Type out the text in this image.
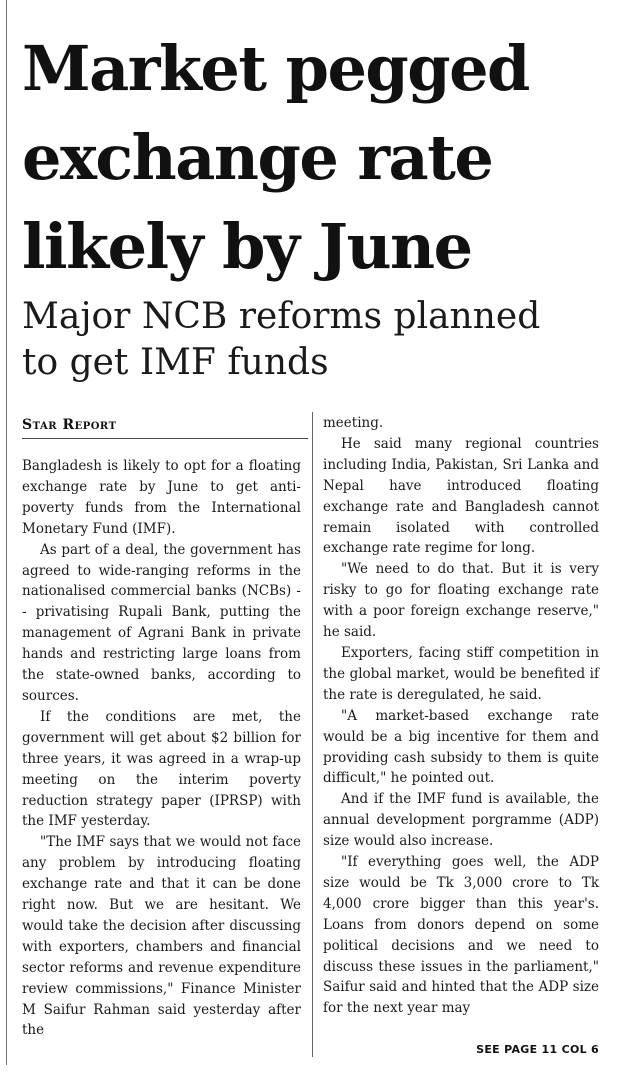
Market pegged
exchange rate
likely by June
Major NCB reforms planned
to get IMF funds
Star Report

Bangladesh is likely to opt for a floating exchange rate by June to get anti-poverty funds from the International Monetary Fund (IMF).

As part of a deal, the government has agreed to wide-ranging reforms in the nationalised commercial banks (NCBs) -- privatising Rupali Bank, putting the management of Agrani Bank in private hands and restricting large loans from the state-owned banks, according to sources.

If the conditions are met, the government will get about $2 billion for three years, it was agreed in a wrap-up meeting on the interim poverty reduction strategy paper (IPRSP) with the IMF yesterday.

"The IMF says that we would not face any problem by introducing floating exchange rate and that it can be done right now. But we are hesitant. We would take the decision after discussing with exporters, chambers and financial sector reforms and revenue expenditure review commissions," Finance Minister M Saifur Rahman said yesterday after the

meeting.

He said many regional countries including India, Pakistan, Sri Lanka and Nepal have introduced floating exchange rate and Bangladesh cannot remain isolated with controlled exchange rate regime for long.

"We need to do that. But it is very risky to go for floating exchange rate with a poor foreign exchange reserve," he said.

Exporters, facing stiff competition in the global market, would be benefited if the rate is deregulated, he said.

"A market-based exchange rate would be a big incentive for them and providing cash subsidy to them is quite difficult," he pointed out.

And if the IMF fund is available, the annual development porgramme (ADP) size would also increase.

"If everything goes well, the ADP size would be Tk 3,000 crore to Tk 4,000 crore bigger than this year's. Loans from donors depend on some political decisions and we need to discuss these issues in the parliament," Saifur said and hinted that the ADP size for the next year may

SEE PAGE 11 COL 6
